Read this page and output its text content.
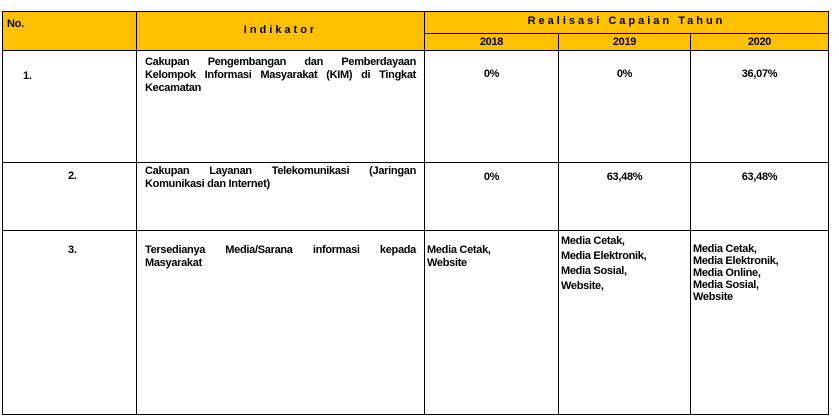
No.	Indikator	Realisasi Capaian Tahun		
		2018	2019	2020
1.	Cakupan Pengembangan dan Pemberdayaan Kelompok Informasi Masyarakat (KIM) di Tingkat Kecamatan	0%	0%	36,07%
2.	Cakupan Layanan Telekomunikasi (Jaringan Komunikasi dan Internet)	0%	63,48%	63,48%
3.	Tersedianya Media/Sarana informasi kepada Masyarakat	Media Cetak,
Website	Media Cetak,
Media Elektronik,
Media Sosial,
Website,	Media Cetak,
Media Elektronik,
Media Online,
Media Sosial,
Website
